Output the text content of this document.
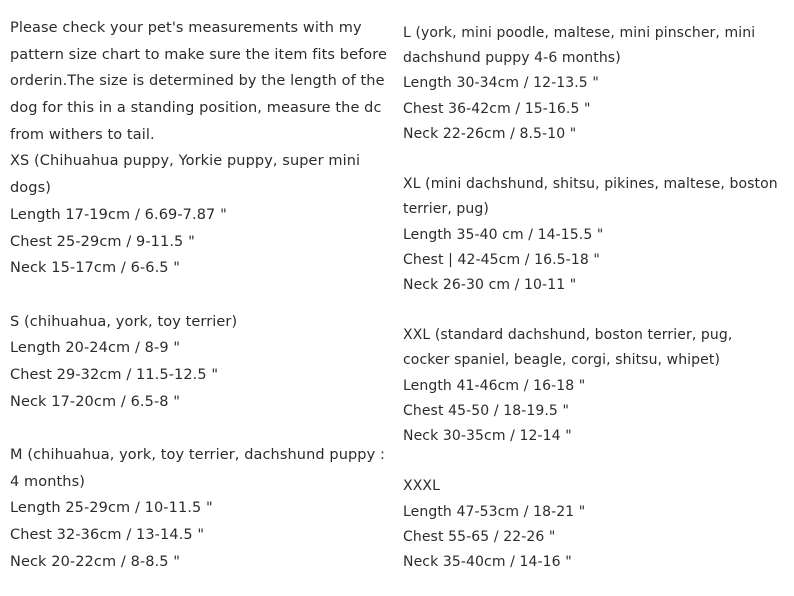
Please check your pet's measurements with my
pattern size chart to make sure the item fits before
orderin.The size is determined by the length of the
dog for this in a standing position, measure the dc
from withers to tail.
XS (Chihuahua puppy, Yorkie puppy, super mini
dogs)
Length 17-19cm / 6.69-7.87 "
Chest 25-29cm / 9-11.5 "
Neck 15-17cm / 6-6.5 "
S (chihuahua, york, toy terrier)
Length 20-24cm / 8-9 "
Chest 29-32cm / 11.5-12.5 "
Neck 17-20cm / 6.5-8 "
M (chihuahua, york, toy terrier, dachshund puppy :
4 months)
Length 25-29cm / 10-11.5 "
Chest 32-36cm / 13-14.5 "
Neck 20-22cm / 8-8.5 "
L (york, mini poodle, maltese, mini pinscher, mini
dachshund puppy 4-6 months)
Length 30-34cm / 12-13.5 "
Chest 36-42cm / 15-16.5 "
Neck 22-26cm / 8.5-10 "
XL (mini dachshund, shitsu, pikines, maltese, boston
terrier, pug)
Length 35-40 cm / 14-15.5 "
Chest | 42-45cm / 16.5-18 "
Neck 26-30 cm / 10-11 "
XXL (standard dachshund, boston terrier, pug,
cocker spaniel, beagle, corgi, shitsu, whipet)
Length 41-46cm / 16-18 "
Chest 45-50 / 18-19.5 "
Neck 30-35cm / 12-14 "
XXXL
Length 47-53cm / 18-21 "
Chest 55-65 / 22-26 "
Neck 35-40cm / 14-16 "
